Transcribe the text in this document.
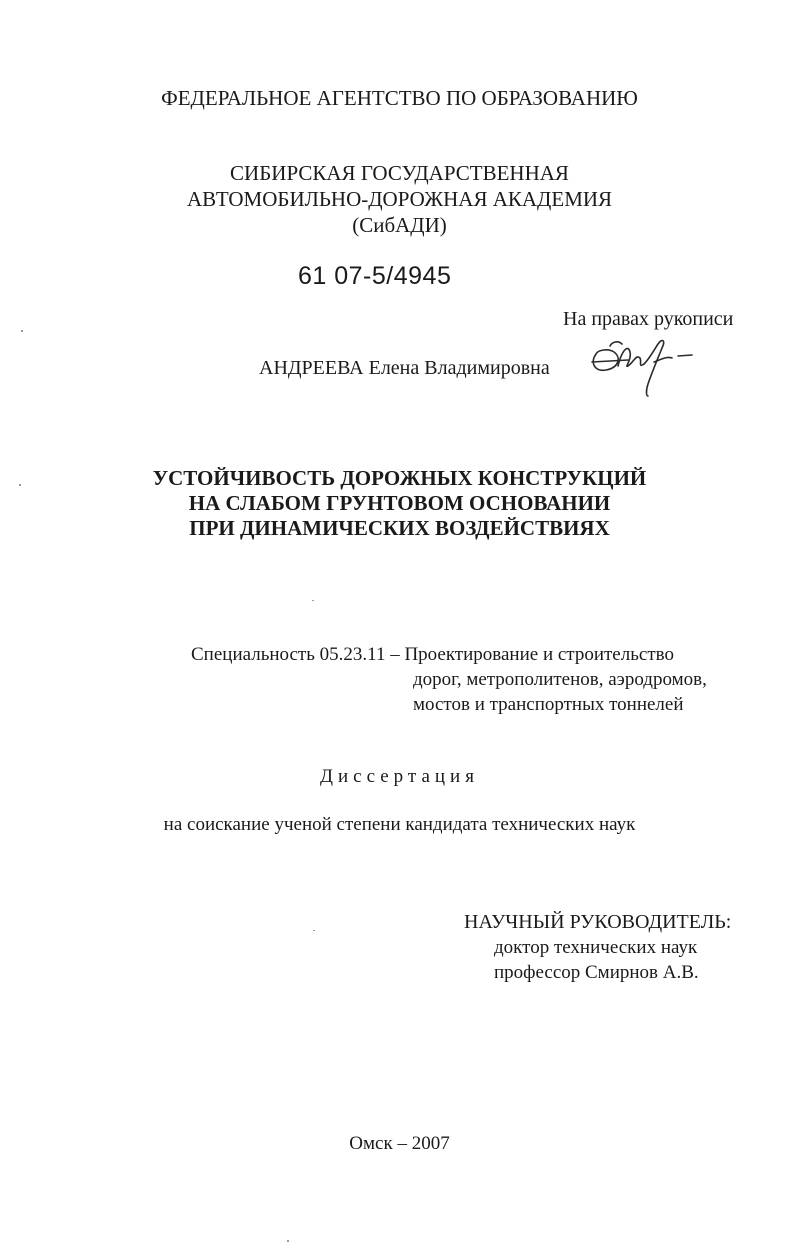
ФЕДЕРАЛЬНОЕ АГЕНТСТВО ПО ОБРАЗОВАНИЮ
СИБИРСКАЯ ГОСУДАРСТВЕННАЯ
АВТОМОБИЛЬНО-ДОРОЖНАЯ АКАДЕМИЯ
(СибАДИ)
61 07-5/4945
На правах рукописи
АНДРЕЕВА Елена Владимировна
УСТОЙЧИВОСТЬ ДОРОЖНЫХ КОНСТРУКЦИЙ
НА СЛАБОМ ГРУНТОВОМ ОСНОВАНИИ
ПРИ ДИНАМИЧЕСКИХ ВОЗДЕЙСТВИЯХ
Специальность 05.23.11 – Проектирование и строительство
дорог, метрополитенов, аэродромов,
мостов и транспортных тоннелей
Диссертация
на соискание ученой степени кандидата технических наук
НАУЧНЫЙ РУКОВОДИТЕЛЬ:
доктор технических наук
профессор Смирнов А.В.
Омск – 2007
